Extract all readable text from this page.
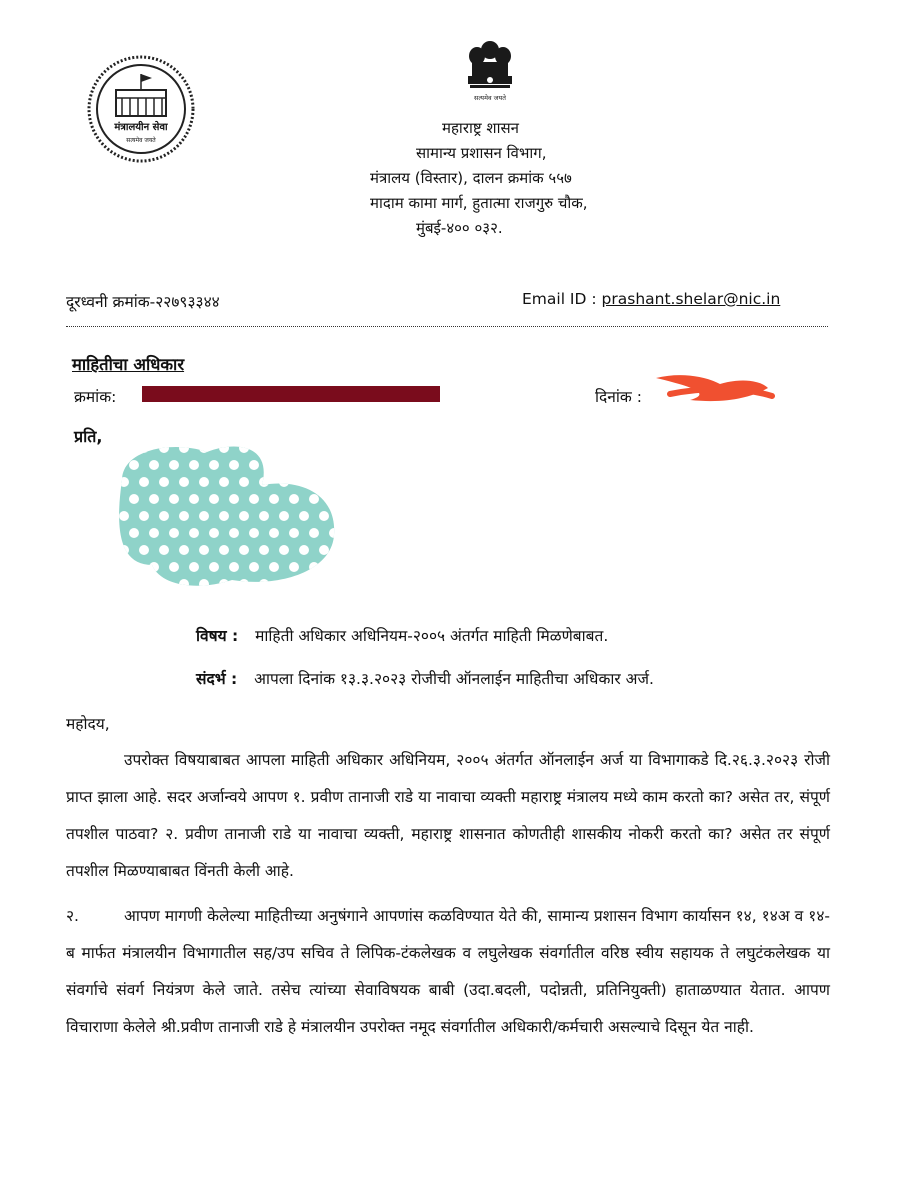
मंत्रालयीन सेवा
सत्यमेव जयते
सत्यमेव जयते
महाराष्ट्र शासन
सामान्य प्रशासन विभाग,
मंत्रालय (विस्तार), दालन क्रमांक ५५७
मादाम कामा मार्ग, हुतात्मा राजगुरु चौक,
मुंबई-४०० ०३२.
दूरध्वनी क्रमांक-२२७९३३४४	Email ID : prashant.shelar@nic.in
माहितीचा अधिकार
क्रमांक:	दिनांक :
प्रति,
विषय : माहिती अधिकार अधिनियम-२००५ अंतर्गत माहिती मिळणेबाबत.
संदर्भ : आपला दिनांक १३.३.२०२३ रोजीची ऑनलाईन माहितीचा अधिकार अर्ज.
महोदय,
उपरोक्त विषयाबाबत आपला माहिती अधिकार अधिनियम, २००५ अंतर्गत ऑनलाईन अर्ज या विभागाकडे दि.२६.३.२०२३ रोजी प्राप्त झाला आहे. सदर अर्जान्वये आपण १. प्रवीण तानाजी राडे या नावाचा व्यक्ती महाराष्ट्र मंत्रालय मध्ये काम करतो का? असेत तर, संपूर्ण तपशील पाठवा? २. प्रवीण तानाजी राडे या नावाचा व्यक्ती, महाराष्ट्र शासनात कोणतीही शासकीय नोकरी करतो का? असेत तर संपूर्ण तपशील मिळण्याबाबत विंनती केली आहे.
२.	आपण मागणी केलेल्या माहितीच्या अनुषंगाने आपणांस कळविण्यात येते की, सामान्य प्रशासन विभाग कार्यासन १४, १४अ व १४-ब मार्फत मंत्रालयीन विभागातील सह/उप सचिव ते लिपिक-टंकलेखक व लघुलेखक संवर्गातील वरिष्ठ स्वीय सहायक ते लघुटंकलेखक या संवर्गाचे संवर्ग नियंत्रण केले जाते. तसेच त्यांच्या सेवाविषयक बाबी (उदा.बदली, पदोन्नती, प्रतिनियुक्ती) हाताळण्यात येतात. आपण विचाराणा केलेले श्री.प्रवीण तानाजी राडे हे मंत्रालयीन उपरोक्त नमूद संवर्गातील अधिकारी/कर्मचारी असल्याचे दिसून येत नाही.
